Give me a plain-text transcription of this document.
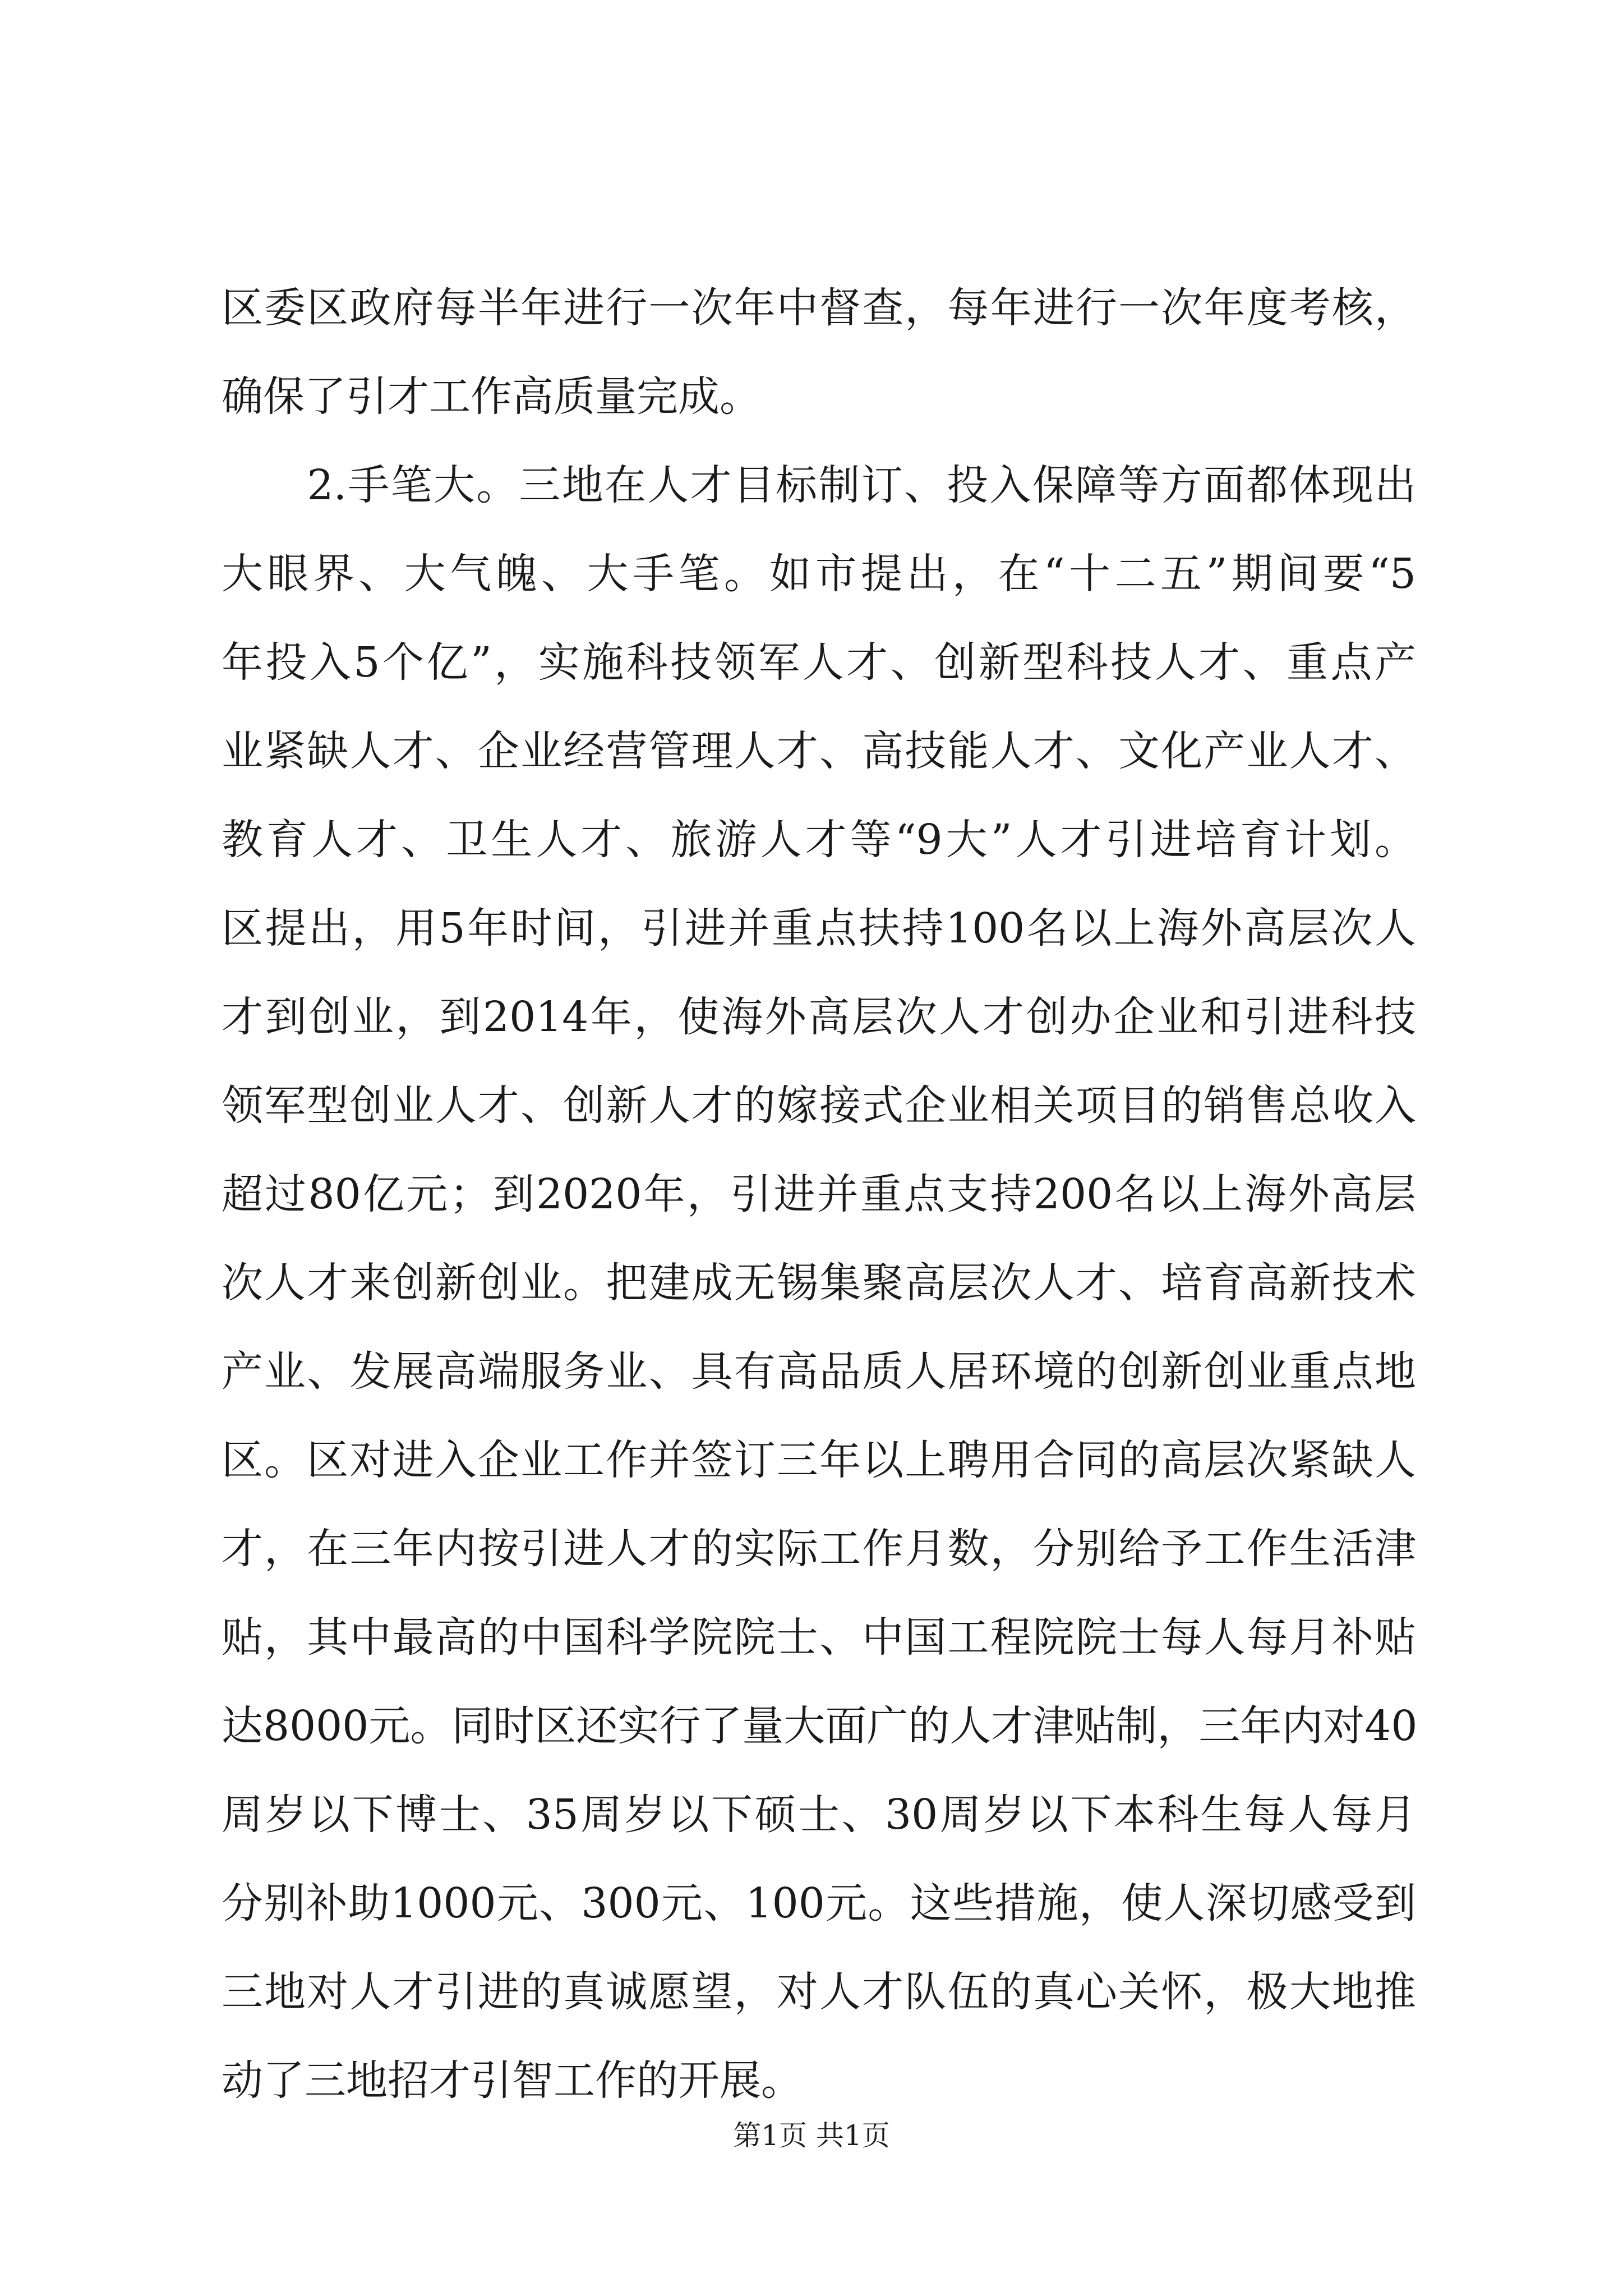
区委区政府每半年进行一次年中督查，每年进行一次年度考核，
确保了引才工作高质量完成。
　　2.手笔大。三地在人才目标制订、投入保障等方面都体现出
大眼界、大气魄、大手笔。如市提出，在“十二五”期间要“5
年投入5个亿”，实施科技领军人才、创新型科技人才、重点产
业紧缺人才、企业经营管理人才、高技能人才、文化产业人才、
教育人才、卫生人才、旅游人才等“9大”人才引进培育计划。
区提出，用5年时间，引进并重点扶持100名以上海外高层次人
才到创业，到2014年，使海外高层次人才创办企业和引进科技
领军型创业人才、创新人才的嫁接式企业相关项目的销售总收入
超过80亿元；到2020年，引进并重点支持200名以上海外高层
次人才来创新创业。把建成无锡集聚高层次人才、培育高新技术
产业、发展高端服务业、具有高品质人居环境的创新创业重点地
区。区对进入企业工作并签订三年以上聘用合同的高层次紧缺人
才，在三年内按引进人才的实际工作月数，分别给予工作生活津
贴，其中最高的中国科学院院士、中国工程院院士每人每月补贴
达8000元。同时区还实行了量大面广的人才津贴制，三年内对40
周岁以下博士、35周岁以下硕士、30周岁以下本科生每人每月
分别补助1000元、300元、100元。这些措施，使人深切感受到
三地对人才引进的真诚愿望，对人才队伍的真心关怀，极大地推
动了三地招才引智工作的开展。
第1页 共1页
